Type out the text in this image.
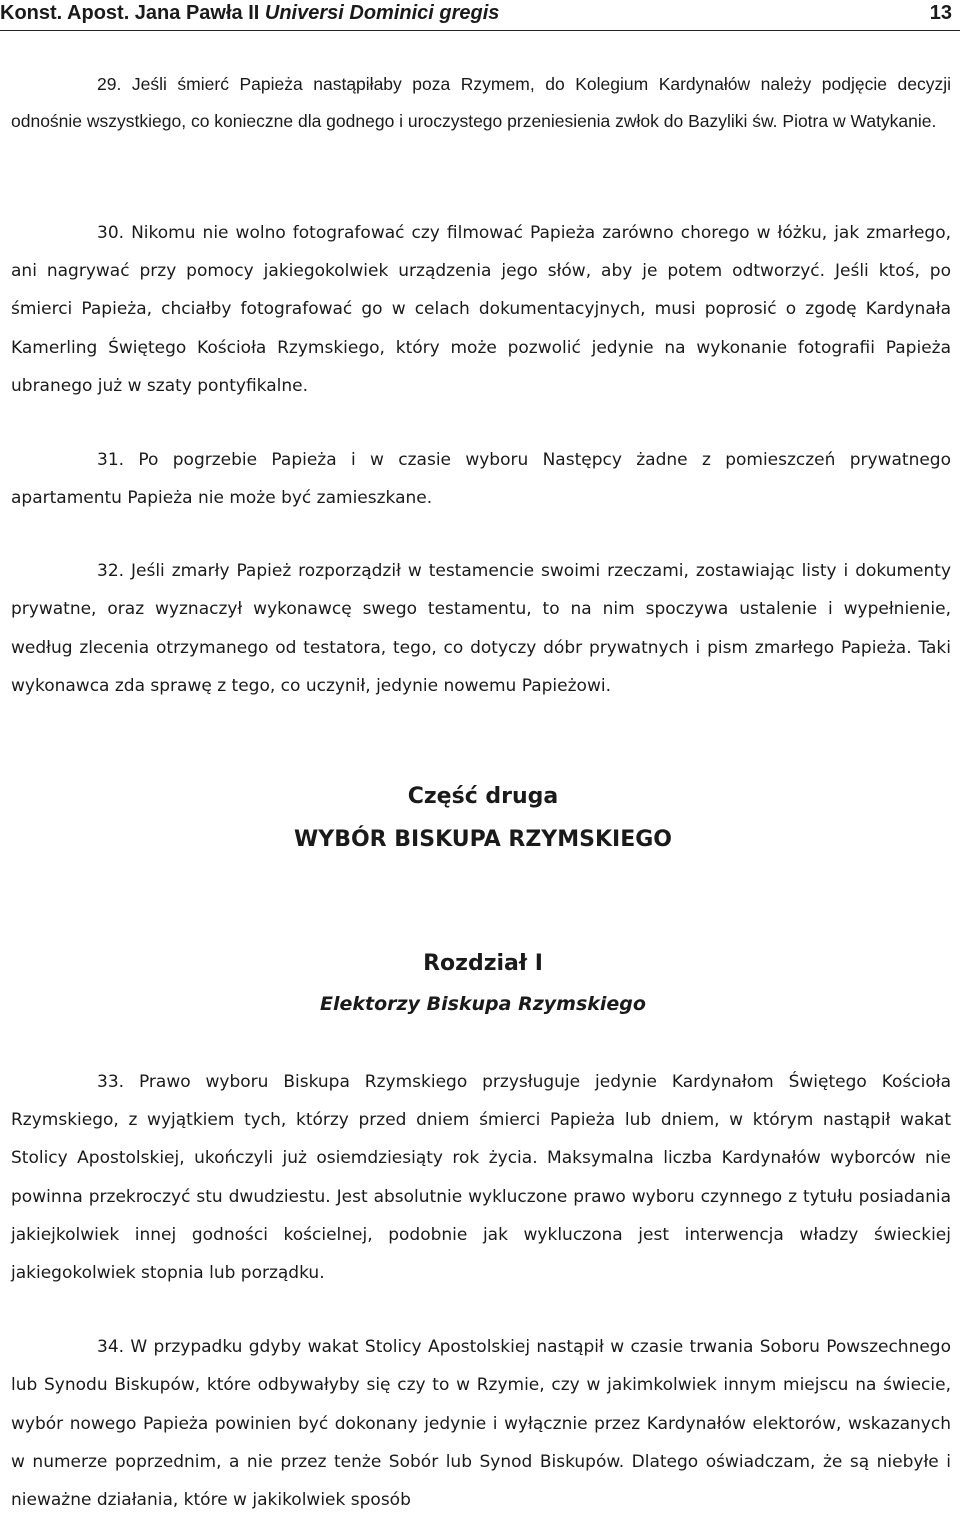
Konst. Apost. Jana Pawła II Universi Dominici gregis	13

29. Jeśli śmierć Papieża nastąpiłaby poza Rzymem, do Kolegium Kardynałów należy podjęcie decyzji odnośnie wszystkiego, co konieczne dla godnego i uroczystego przeniesienia zwłok do Bazyliki św. Piotra w Watykanie.

30. Nikomu nie wolno fotografować czy filmować Papieża zarówno chorego w łóżku, jak zmarłego, ani nagrywać przy pomocy jakiegokolwiek urządzenia jego słów, aby je potem odtworzyć. Jeśli ktoś, po śmierci Papieża, chciałby fotografować go w celach dokumentacyjnych, musi poprosić o zgodę Kardynała Kamerling Świętego Kościoła Rzymskiego, który może pozwolić jedynie na wykonanie fotografii Papieża ubranego już w szaty pontyfikalne.

31. Po pogrzebie Papieża i w czasie wyboru Następcy żadne z pomieszczeń prywatnego apartamentu Papieża nie może być zamieszkane.

32. Jeśli zmarły Papież rozporządził w testamencie swoimi rzeczami, zostawiając listy i dokumenty prywatne, oraz wyznaczył wykonawcę swego testamentu, to na nim spoczywa ustalenie i wypełnienie, według zlecenia otrzymanego od testatora, tego, co dotyczy dóbr prywatnych i pism zmarłego Papieża. Taki wykonawca zda sprawę z tego, co uczynił, jedynie nowemu Papieżowi.

Część druga
WYBÓR BISKUPA RZYMSKIEGO
Rozdział I
Elektorzy Biskupa Rzymskiego

33. Prawo wyboru Biskupa Rzymskiego przysługuje jedynie Kardynałom Świętego Kościoła Rzymskiego, z wyjątkiem tych, którzy przed dniem śmierci Papieża lub dniem, w którym nastąpił wakat Stolicy Apostolskiej, ukończyli już osiemdziesiąty rok życia. Maksymalna liczba Kardynałów wyborców nie powinna przekroczyć stu dwudziestu. Jest absolutnie wykluczone prawo wyboru czynnego z tytułu posiadania jakiejkolwiek innej godności kościelnej, podobnie jak wykluczona jest interwencja władzy świeckiej jakiegokolwiek stopnia lub porządku.

34. W przypadku gdyby wakat Stolicy Apostolskiej nastąpił w czasie trwania Soboru Powszechnego lub Synodu Biskupów, które odbywałyby się czy to w Rzymie, czy w jakimkolwiek innym miejscu na świecie, wybór nowego Papieża powinien być dokonany jedynie i wyłącznie przez Kardynałów elektorów, wskazanych w numerze poprzednim, a nie przez tenże Sobór lub Synod Biskupów. Dlatego oświadczam, że są niebyłe i nieważne działania, które w jakikolwiek sposób
